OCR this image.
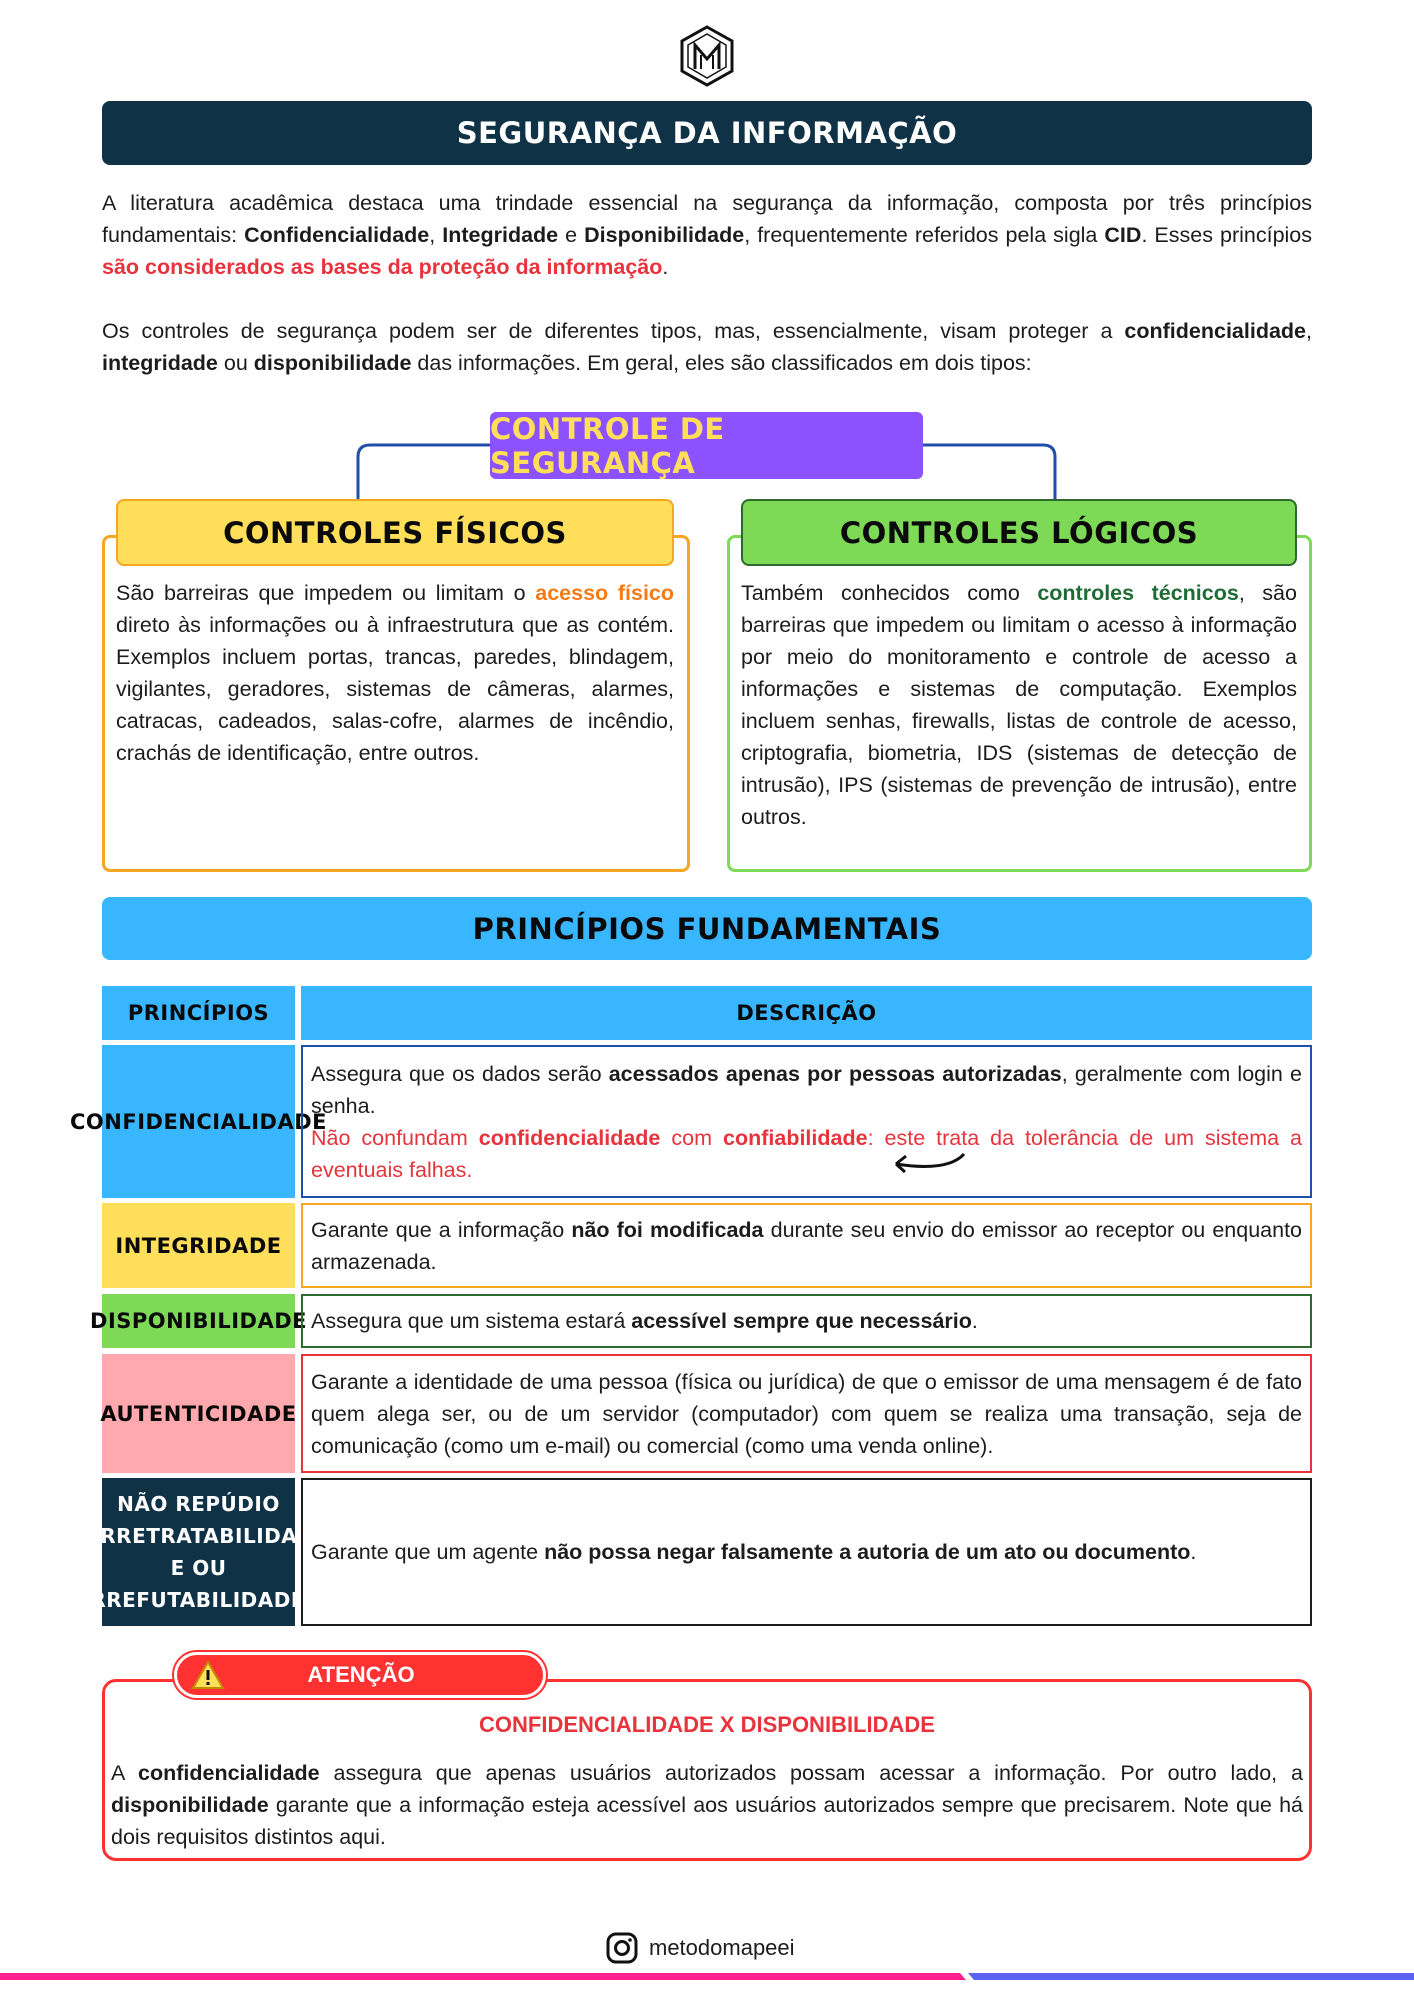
SEGURANÇA DA INFORMAÇÃO
A literatura acadêmica destaca uma trindade essencial na segurança da informação, composta por três princípios fundamentais: Confidencialidade, Integridade e Disponibilidade, frequentemente referidos pela sigla CID. Esses princípios são considerados as bases da proteção da informação.
Os controles de segurança podem ser de diferentes tipos, mas, essencialmente, visam proteger a confidencialidade, integridade ou disponibilidade das informações. Em geral, eles são classificados em dois tipos:
CONTROLE DE SEGURANÇA
CONTROLES FÍSICOS
São barreiras que impedem ou limitam o acesso físico direto às informações ou à infraestrutura que as contém. Exemplos incluem portas, trancas, paredes, blindagem, vigilantes, geradores, sistemas de câmeras, alarmes, catracas, cadeados, salas-cofre, alarmes de incêndio, crachás de identificação, entre outros.
CONTROLES LÓGICOS
Também conhecidos como controles técnicos, são barreiras que impedem ou limitam o acesso à informação por meio do monitoramento e controle de acesso a informações e sistemas de computação. Exemplos incluem senhas, firewalls, listas de controle de acesso, criptografia, biometria, IDS (sistemas de detecção de intrusão), IPS (sistemas de prevenção de intrusão), entre outros.
PRINCÍPIOS FUNDAMENTAIS
PRINCÍPIOS	DESCRIÇÃO
CONFIDENCIALIDADE
Assegura que os dados serão acessados apenas por pessoas autorizadas, geralmente com login e senha.
Não confundam confidencialidade com confiabilidade: este trata da tolerância de um sistema a eventuais falhas.
INTEGRIDADE
Garante que a informação não foi modificada durante seu envio do emissor ao receptor ou enquanto armazenada.
DISPONIBILIDADE Assegura que um sistema estará acessível sempre que necessário.
AUTENTICIDADE
Garante a identidade de uma pessoa (física ou jurídica) de que o emissor de uma mensagem é de fato quem alega ser, ou de um servidor (computador) com quem se realiza uma transação, seja de comunicação (como um e-mail) ou comercial (como uma venda online).
NÃO REPÚDIO
(IRRETRATABILIDAD
E OU
IRREFUTABILIDADE)
Garante que um agente não possa negar falsamente a autoria de um ato ou documento.
ATENÇÃO
CONFIDENCIALIDADE X DISPONIBILIDADE
A confidencialidade assegura que apenas usuários autorizados possam acessar a informação. Por outro lado, a disponibilidade garante que a informação esteja acessível aos usuários autorizados sempre que precisarem. Note que há dois requisitos distintos aqui.
metodomapeei
